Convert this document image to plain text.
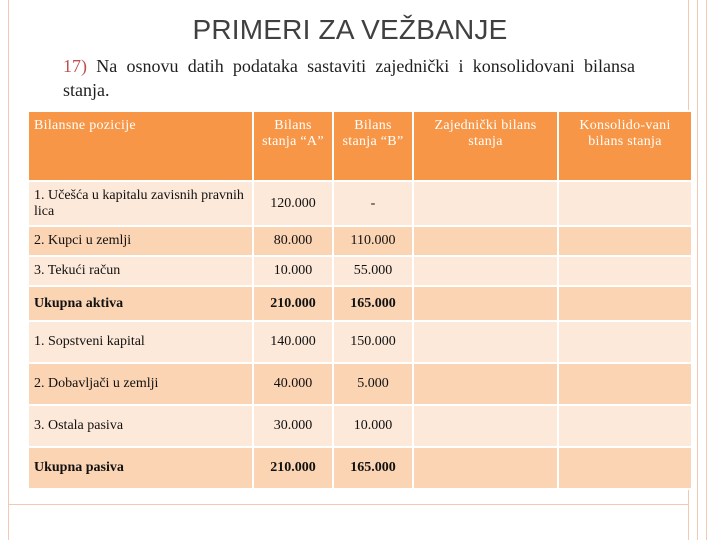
PRIMERI ZA VEŽBANJE
17) Na osnovu datih podataka sastaviti zajednički i konsolidovani bilansa stanja.
Bilansne pozicije	Bilans stanja “A”	Bilans stanja “B”	Zajednički bilans stanja	Konsolido-vani bilans stanja
1. Učešća u kapitalu zavisnih pravnih lica	120.000	-		
2. Kupci u zemlji	80.000	110.000		
3. Tekući račun	10.000	55.000		
Ukupna aktiva	210.000	165.000		
1. Sopstveni kapital	140.000	150.000		
2. Dobavljači u zemlji	40.000	5.000		
3. Ostala pasiva	30.000	10.000		
Ukupna pasiva	210.000	165.000		
